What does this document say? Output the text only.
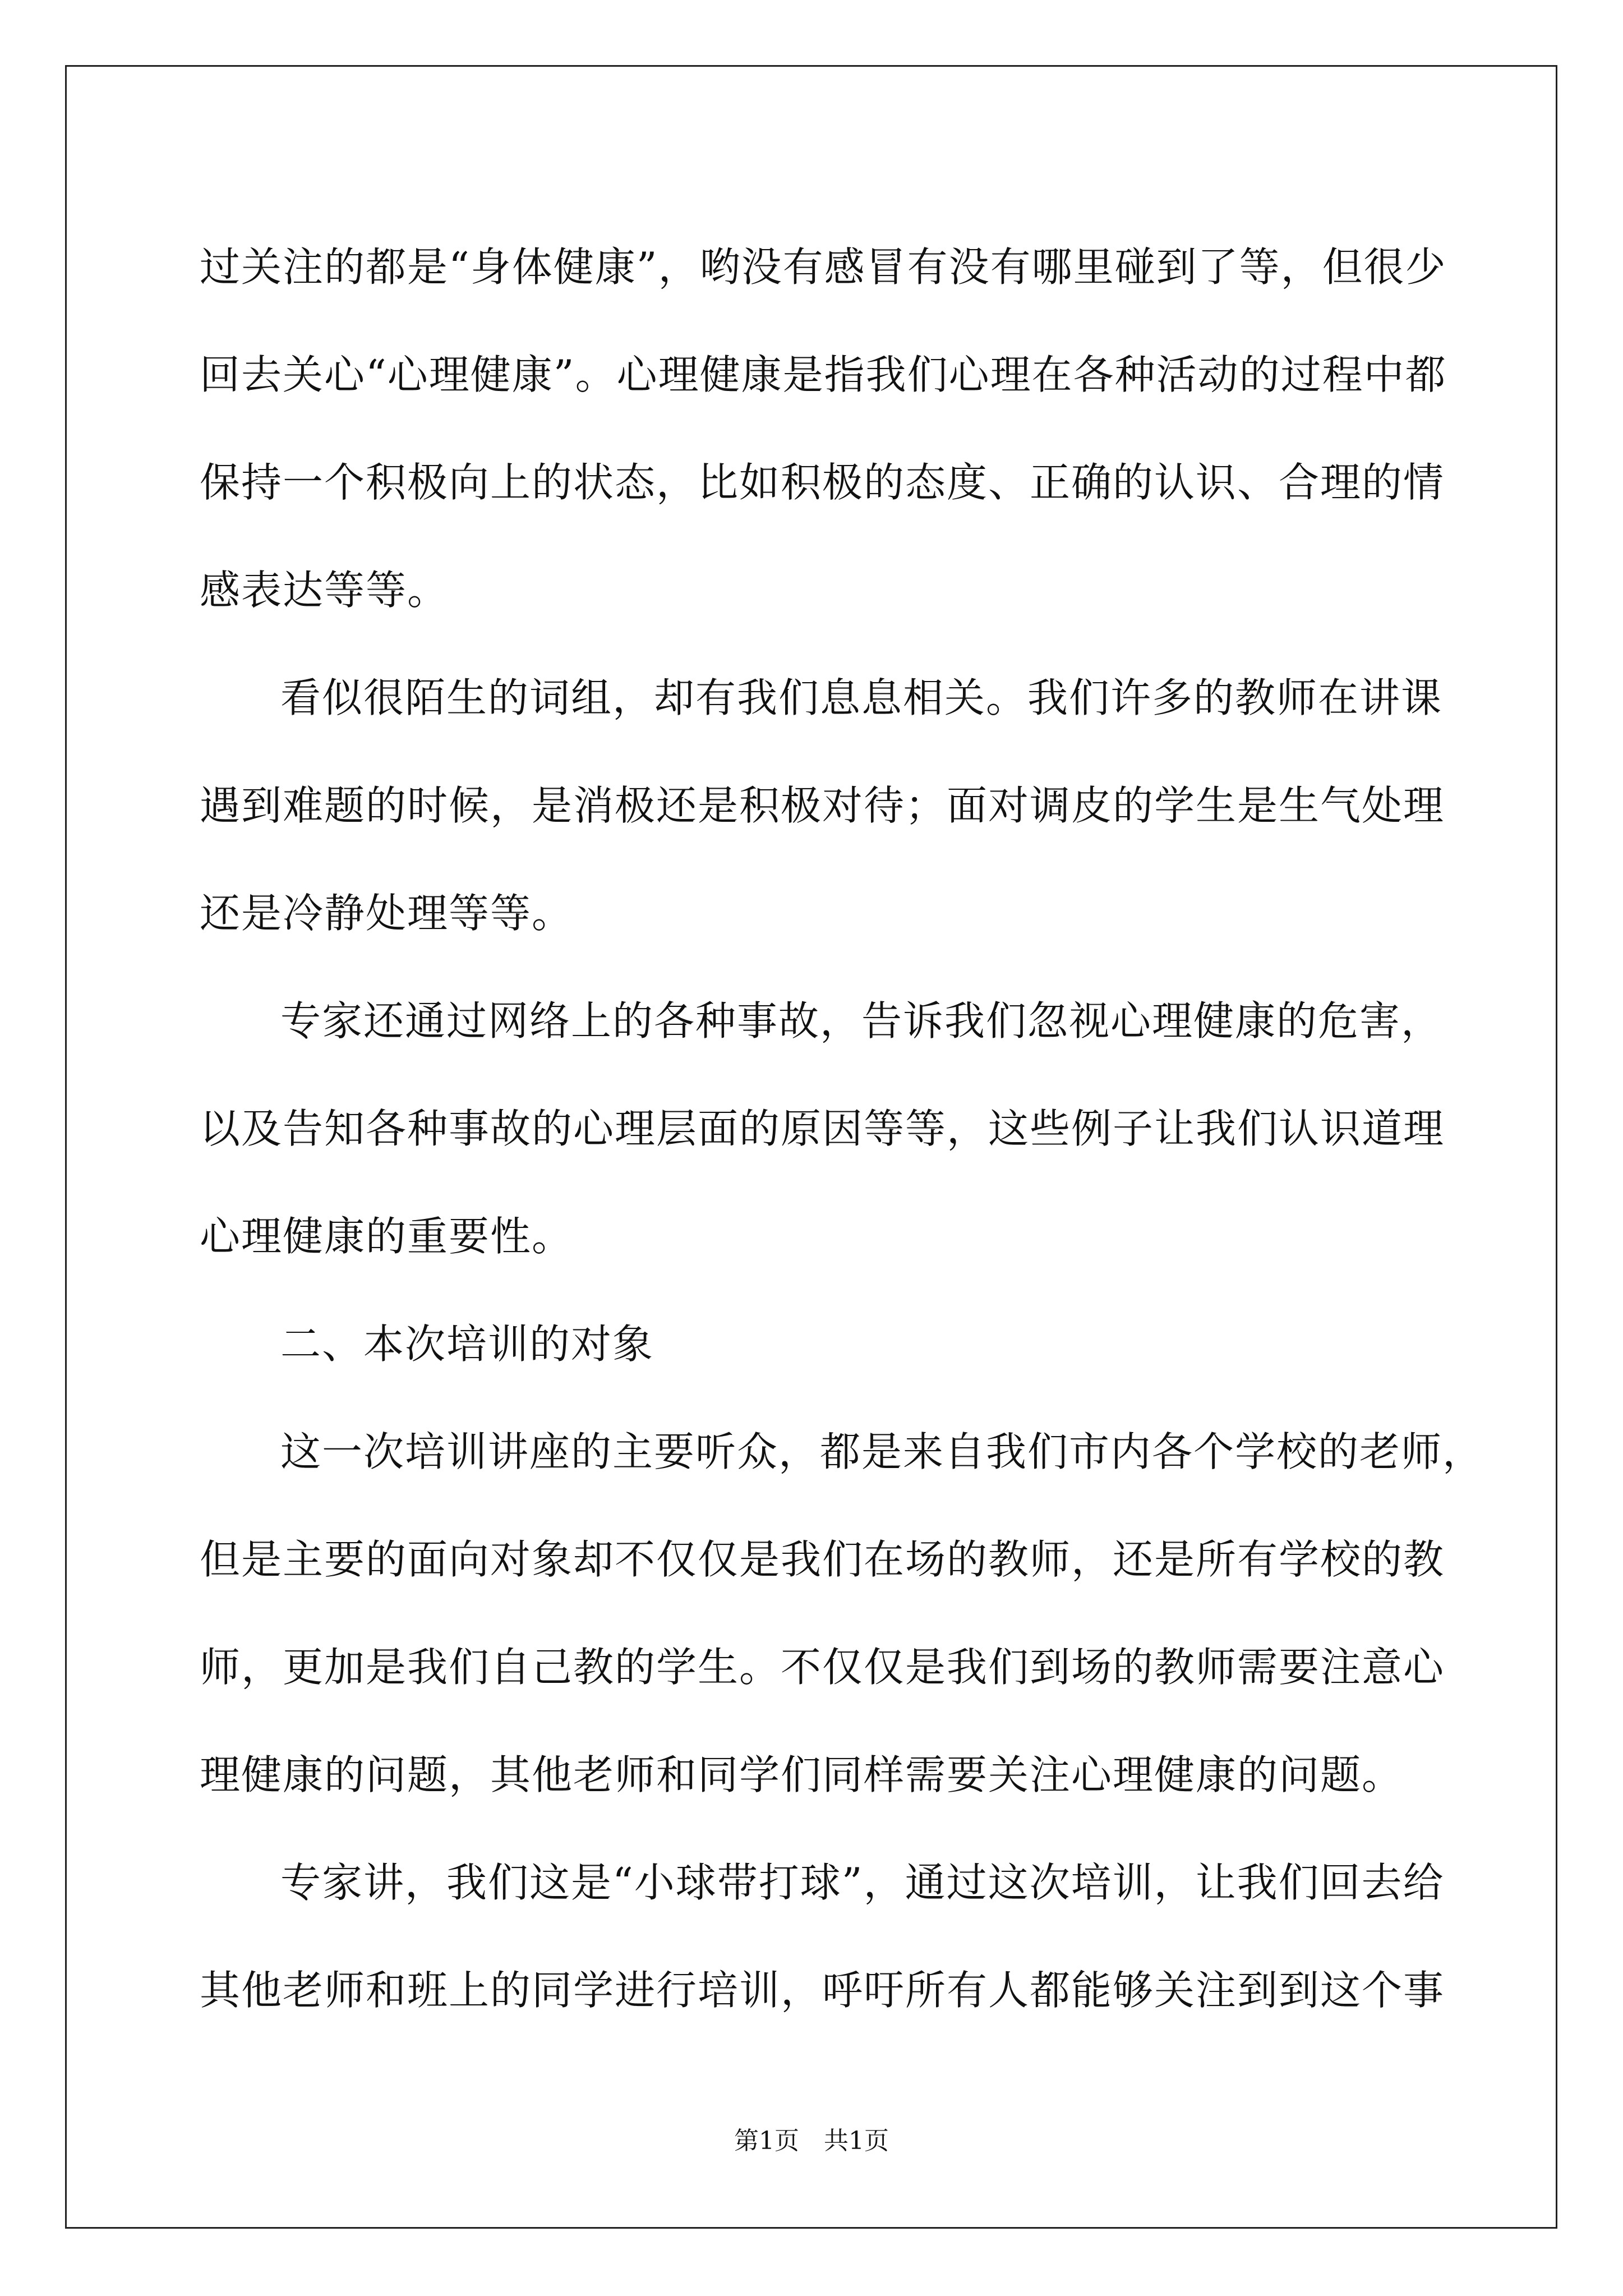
过关注的都是“身体健康”，哟没有感冒有没有哪里碰到了等，但很少
回去关心“心理健康”。心理健康是指我们心理在各种活动的过程中都
保持一个积极向上的状态，比如积极的态度、正确的认识、合理的情
感表达等等。
看似很陌生的词组，却有我们息息相关。我们许多的教师在讲课
遇到难题的时候，是消极还是积极对待；面对调皮的学生是生气处理
还是冷静处理等等。
专家还通过网络上的各种事故，告诉我们忽视心理健康的危害，
以及告知各种事故的心理层面的原因等等，这些例子让我们认识道理
心理健康的重要性。
二、本次培训的对象
这一次培训讲座的主要听众，都是来自我们市内各个学校的老师，
但是主要的面向对象却不仅仅是我们在场的教师，还是所有学校的教
师，更加是我们自己教的学生。不仅仅是我们到场的教师需要注意心
理健康的问题，其他老师和同学们同样需要关注心理健康的问题。
专家讲，我们这是“小球带打球”，通过这次培训，让我们回去给
其他老师和班上的同学进行培训，呼吁所有人都能够关注到到这个事
第1页　共1页
